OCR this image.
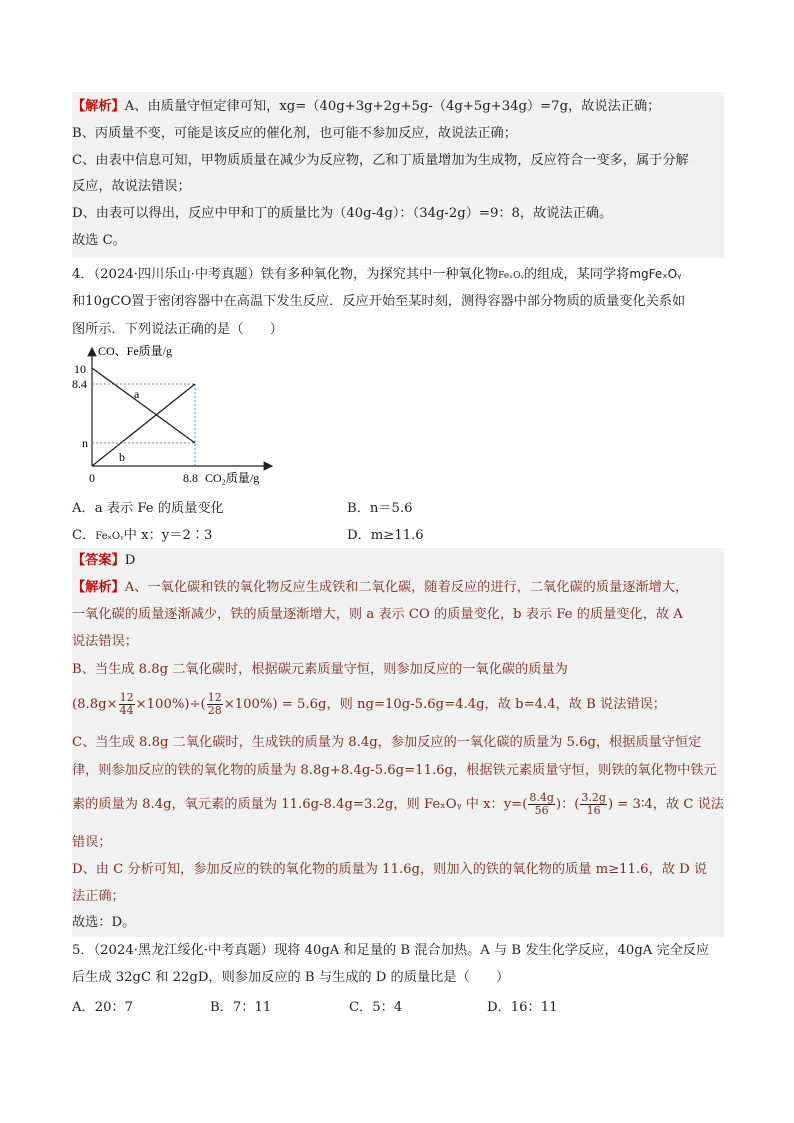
【解析】A、由质量守恒定律可知，xg=（40g+3g+2g+5g-（4g+5g+34g）=7g，故说法正确；
B、丙质量不变，可能是该反应的催化剂，也可能不参加反应，故说法正确；
C、由表中信息可知，甲物质质量在减少为反应物，乙和丁质量增加为生成物，反应符合一变多，属于分解
反应，故说法错误；
D、由表可以得出，反应中甲和丁的质量比为（40g-4g）：（34g-2g）=9：8，故说法正确。
故选 C。
4．（2024·四川乐山·中考真题）铁有多种氧化物，为探究其中一种氧化物FeₓOᵧ的组成，某同学将mgFeₓOᵧ
和10gCO置于密闭容器中在高温下发生反应．反应开始至某时刻，测得容器中部分物质的质量变化关系如
图所示．下列说法正确的是（　　）
CO、Fe质量/g
CO₂质量/g
0
10
8.4
n
8.8
a
b
A．a 表示 Fe 的质量变化	B．n＝5.6
C．FeₓOᵧ中 x：y＝2∶3	D．m≥11.6
【答案】D
【解析】A、一氧化碳和铁的氧化物反应生成铁和二氧化碳，随着反应的进行，二氧化碳的质量逐渐增大，
一氧化碳的质量逐渐减少，铁的质量逐渐增大，则 a 表示 CO 的质量变化，b 表示 Fe 的质量变化，故 A
说法错误；
B、当生成 8.8g 二氧化碳时，根据碳元素质量守恒，则参加反应的一氧化碳的质量为
$(8.8g\times \frac{12}{44} \times 100\%)\div( \frac{12}{28} \times 100\%) = 5.6g$，则 ng=10g-5.6g=4.4g，故 b=4.4，故 B 说法错误；
C、当生成 8.8g 二氧化碳时，生成铁的质量为 8.4g，参加反应的一氧化碳的质量为 5.6g，根据质量守恒定
律，则参加反应的铁的氧化物的质量为 8.8g+8.4g-5.6g=11.6g，根据铁元素质量守恒，则铁的氧化物中铁元
素的质量为 8.4g，氧元素的质量为 11.6g-8.4g=3.2g，则 FeₓOᵧ 中 x：$y=( \frac{8.4g}{56}$ )：( $\frac{3.2g}{16}$ ) = 3∶4，故 C 说法
错误；
D、由 C 分析可知，参加反应的铁的氧化物的质量为 11.6g，则加入的铁的氧化物的质量 m≥11.6，故 D 说
法正确；
故选：D。
5．（2024·黑龙江绥化·中考真题）现将 40gA 和足量的 B 混合加热。A 与 B 发生化学反应，40gA 完全反应
后生成 32gC 和 22gD，则参加反应的 B 与生成的 D 的质量比是（　　）
A．20：7	B．7：11	C．5：4	D．16：11
